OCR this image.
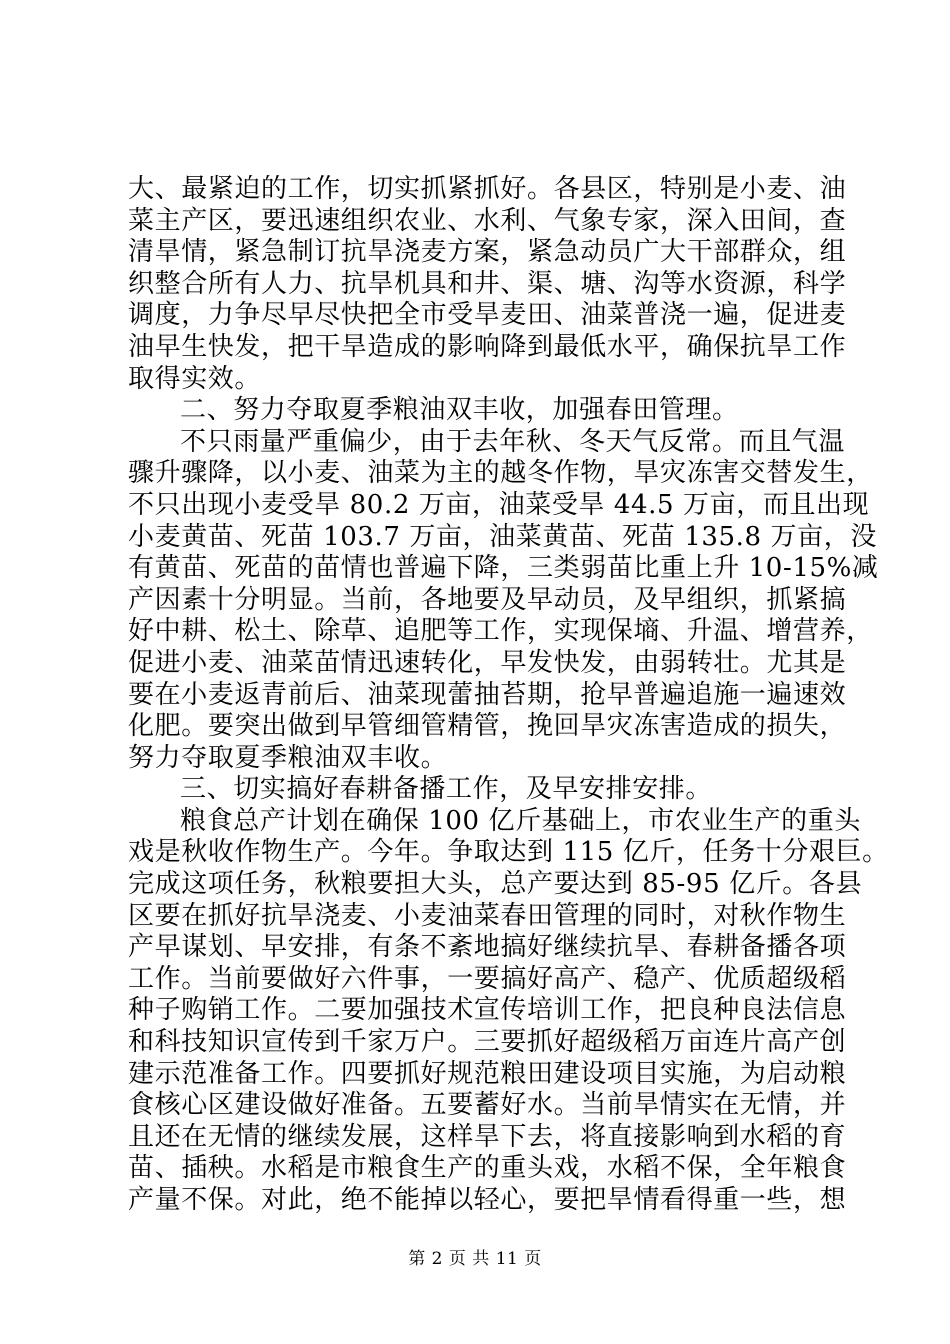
大、最紧迫的工作，切实抓紧抓好。各县区，特别是小麦、油
菜主产区，要迅速组织农业、水利、气象专家，深入田间，查
清旱情，紧急制订抗旱浇麦方案，紧急动员广大干部群众，组
织整合所有人力、抗旱机具和井、渠、塘、沟等水资源，科学
调度，力争尽早尽快把全市受旱麦田、油菜普浇一遍，促进麦
油早生快发，把干旱造成的影响降到最低水平，确保抗旱工作
取得实效。
二、努力夺取夏季粮油双丰收，加强春田管理。
不只雨量严重偏少，由于去年秋、冬天气反常。而且气温
骤升骤降，以小麦、油菜为主的越冬作物，旱灾冻害交替发生，
不只出现小麦受旱 80.2 万亩，油菜受旱 44.5 万亩，而且出现
小麦黄苗、死苗 103.7 万亩，油菜黄苗、死苗 135.8 万亩，没
有黄苗、死苗的苗情也普遍下降，三类弱苗比重上升 10-15%减
产因素十分明显。当前，各地要及早动员，及早组织，抓紧搞
好中耕、松土、除草、追肥等工作，实现保墒、升温、增营养，
促进小麦、油菜苗情迅速转化，早发快发，由弱转壮。尤其是
要在小麦返青前后、油菜现蕾抽苔期，抢早普遍追施一遍速效
化肥。要突出做到早管细管精管，挽回旱灾冻害造成的损失，
努力夺取夏季粮油双丰收。
三、切实搞好春耕备播工作，及早安排安排。
粮食总产计划在确保 100 亿斤基础上，市农业生产的重头
戏是秋收作物生产。今年。争取达到 115 亿斤，任务十分艰巨。
完成这项任务，秋粮要担大头，总产要达到 85-95 亿斤。各县
区要在抓好抗旱浇麦、小麦油菜春田管理的同时，对秋作物生
产早谋划、早安排，有条不紊地搞好继续抗旱、春耕备播各项
工作。当前要做好六件事，一要搞好高产、稳产、优质超级稻
种子购销工作。二要加强技术宣传培训工作，把良种良法信息
和科技知识宣传到千家万户。三要抓好超级稻万亩连片高产创
建示范准备工作。四要抓好规范粮田建设项目实施，为启动粮
食核心区建设做好准备。五要蓄好水。当前旱情实在无情，并
且还在无情的继续发展，这样旱下去，将直接影响到水稻的育
苗、插秧。水稻是市粮食生产的重头戏，水稻不保，全年粮食
产量不保。对此，绝不能掉以轻心，要把旱情看得重一些，想
第 2 页 共 11 页
